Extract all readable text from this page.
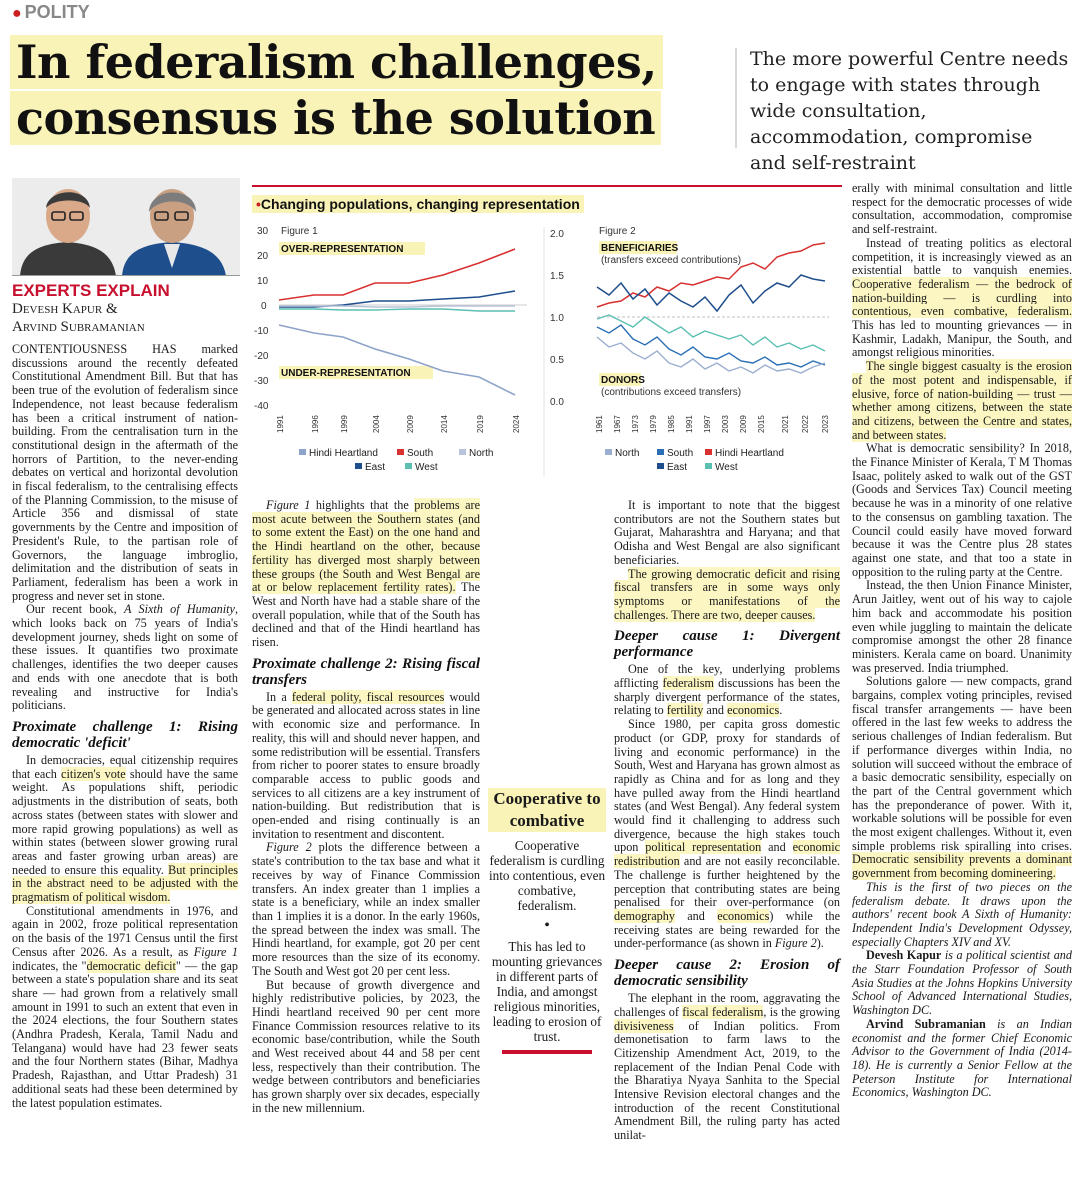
● POLITY
In federalism challenges,
consensus is the solution
The more powerful Centre needs to engage with states through wide consultation, accommodation, compromise and self-restraint
EXPERTS EXPLAIN
Devesh Kapur &
Arvind Subramanian
•Changing populations, changing representation
Figure 1
30
20
10
0
-10
-20
-30
-40
OVER-REPRESENTATION
UNDER-REPRESENTATION
1991	1996	1999	2004	2009	2014	2019	2024
Hindi Heartland	South	North
East	West
Figure 2
2.0
1.5
1.0
0.5
0.0
BENEFICIARIES
(transfers exceed contributions)
DONORS
(contributions exceed transfers)
1961 1967 1973 1979 1985 1991 1997 2003 2009 2015 2021 2022 2023
North	South Hindi Heartland
East	West

CONTENTIOUSNESS HAS marked discussions around the recently defeated Constitutional Amendment Bill. But that has been true of the evolution of federalism since Independence, not least because federalism has been a critical instrument of nation-building. From the centralisation turn in the constitutional design in the aftermath of the horrors of Partition, to the never-ending debates on vertical and horizontal devolution in fiscal federalism, to the centralising effects of the Planning Commission, to the misuse of Article 356 and dismissal of state governments by the Centre and imposition of President's Rule, to the partisan role of Governors, the language imbroglio, delimitation and the distribution of seats in Parliament, federalism has been a work in progress and never set in stone.

Our recent book, A Sixth of Humanity, which looks back on 75 years of India's development journey, sheds light on some of these issues. It quantifies two proximate challenges, identifies the two deeper causes and ends with one anecdote that is both revealing and instructive for India's politicians.

Proximate challenge 1: Rising democratic 'deficit'

In democracies, equal citizenship requires that each citizen's vote should have the same weight. As populations shift, periodic adjustments in the distribution of seats, both across states (between states with slower and more rapid growing populations) as well as within states (between slower growing rural areas and faster growing urban areas) are needed to ensure this equality. But principles in the abstract need to be adjusted with the pragmatism of political wisdom.

Constitutional amendments in 1976, and again in 2002, froze political representation on the basis of the 1971 Census until the first Census after 2026. As a result, as Figure 1 indicates, the "democratic deficit" — the gap between a state's population share and its seat share — had grown from a relatively small amount in 1991 to such an extent that even in the 2024 elections, the four Southern states (Andhra Pradesh, Kerala, Tamil Nadu and Telangana) would have had 23 fewer seats and the four Northern states (Bihar, Madhya Pradesh, Rajasthan, and Uttar Pradesh) 31 additional seats had these been determined by the latest population estimates.

Figure 1 highlights that the problems are most acute between the Southern states (and to some extent the East) on the one hand and the Hindi heartland on the other, because fertility has diverged most sharply between these groups (the South and West Bengal are at or below replacement fertility rates). The West and North have had a stable share of the overall population, while that of the South has declined and that of the Hindi heartland has risen.

Proximate challenge 2: Rising fiscal transfers

In a federal polity, fiscal resources would be generated and allocated across states in line with economic size and performance. In reality, this will and should never happen, and some redistribution will be essential. Transfers from richer to poorer states to ensure broadly comparable access to public goods and services to all citizens are a key instrument of nation-building. But redistribution that is open-ended and rising continually is an invitation to resentment and discontent.

Figure 2 plots the difference between a state's contribution to the tax base and what it receives by way of Finance Commission transfers. An index greater than 1 implies a state is a beneficiary, while an index smaller than 1 implies it is a donor. In the early 1960s, the spread between the index was small. The Hindi heartland, for example, got 20 per cent more resources than the size of its economy. The South and West got 20 per cent less.

But because of growth divergence and highly redistributive policies, by 2023, the Hindi heartland received 90 per cent more Finance Commission resources relative to its economic base/contribution, while the South and West received about 44 and 58 per cent less, respectively than their contribution. The wedge between contributors and beneficiaries has grown sharply over six decades, especially in the new millennium.

Cooperative to combative
Cooperative federalism is curdling into contentious, even combative, federalism.
•
This has led to mounting grievances in different parts of India, and amongst religious minorities, leading to erosion of trust.

It is important to note that the biggest contributors are not the Southern states but Gujarat, Maharashtra and Haryana; and that Odisha and West Bengal are also significant beneficiaries.

The growing democratic deficit and rising fiscal transfers are in some ways only symptoms or manifestations of the challenges. There are two, deeper causes.

Deeper cause 1: Divergent performance

One of the key, underlying problems afflicting federalism discussions has been the sharply divergent performance of the states, relating to fertility and economics.

Since 1980, per capita gross domestic product (or GDP, proxy for standards of living and economic performance) in the South, West and Haryana has grown almost as rapidly as China and for as long and they have pulled away from the Hindi heartland states (and West Bengal). Any federal system would find it challenging to address such divergence, because the high stakes touch upon political representation and economic redistribution and are not easily reconcilable. The challenge is further heightened by the perception that contributing states are being penalised for their over-performance (on demography and economics) while the receiving states are being rewarded for the under-performance (as shown in Figure 2).

Deeper cause 2: Erosion of democratic sensibility

The elephant in the room, aggravating the challenges of fiscal federalism, is the growing divisiveness of Indian politics. From demonetisation to farm laws to the Citizenship Amendment Act, 2019, to the replacement of the Indian Penal Code with the Bharatiya Nyaya Sanhita to the Special Intensive Revision electoral changes and the introduction of the recent Constitutional Amendment Bill, the ruling party has acted unilat-

erally with minimal consultation and little respect for the democratic processes of wide consultation, accommodation, compromise and self-restraint.

Instead of treating politics as electoral competition, it is increasingly viewed as an existential battle to vanquish enemies. Cooperative federalism — the bedrock of nation-building — is curdling into contentious, even combative, federalism. This has led to mounting grievances — in Kashmir, Ladakh, Manipur, the South, and amongst religious minorities.

The single biggest casualty is the erosion of the most potent and indispensable, if elusive, force of nation-building — trust — whether among citizens, between the state and citizens, between the Centre and states, and between states.

What is democratic sensibility? In 2018, the Finance Minister of Kerala, T M Thomas Isaac, politely asked to walk out of the GST (Goods and Services Tax) Council meeting because he was in a minority of one relative to the consensus on gambling taxation. The Council could easily have moved forward because it was the Centre plus 28 states against one state, and that too a state in opposition to the ruling party at the Centre.

Instead, the then Union Finance Minister, Arun Jaitley, went out of his way to cajole him back and accommodate his position even while juggling to maintain the delicate compromise amongst the other 28 finance ministers. Kerala came on board. Unanimity was preserved. India triumphed.

Solutions galore — new compacts, grand bargains, complex voting principles, revised fiscal transfer arrangements — have been offered in the last few weeks to address the serious challenges of Indian federalism. But if performance diverges within India, no solution will succeed without the embrace of a basic democratic sensibility, especially on the part of the Central government which has the preponderance of power. With it, workable solutions will be possible for even the most exigent challenges. Without it, even simple problems risk spiralling into crises. Democratic sensibility prevents a dominant government from becoming domineering.

This is the first of two pieces on the federalism debate. It draws upon the authors' recent book A Sixth of Humanity: Independent India's Development Odyssey, especially Chapters XIV and XV.

Devesh Kapur is a political scientist and the Starr Foundation Professor of South Asia Studies at the Johns Hopkins University School of Advanced International Studies, Washington DC.

Arvind Subramanian is an Indian economist and the former Chief Economic Advisor to the Government of India (2014-18). He is currently a Senior Fellow at the Peterson Institute for International Economics, Washington DC.
